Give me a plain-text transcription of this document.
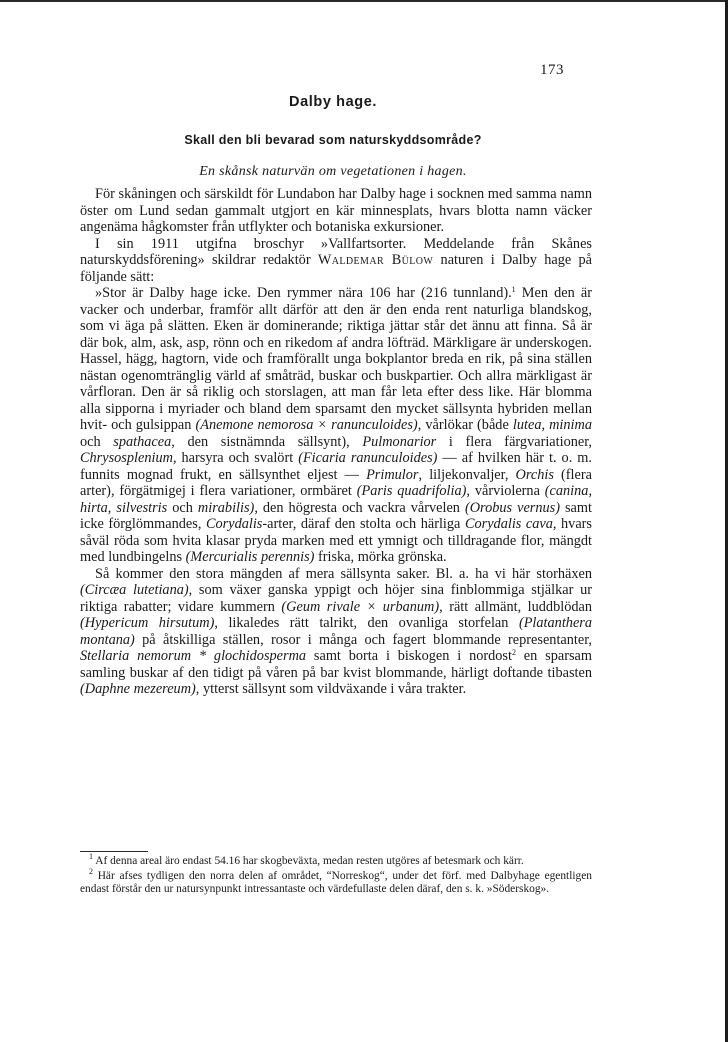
173
Dalby hage.
Skall den bli bevarad som naturskyddsområde?
En skånsk naturvän om vegetationen i hagen.

För skåningen och särskildt för Lundabon har Dalby hage i socknen med samma namn öster om Lund sedan gammalt utgjort en kär minnesplats, hvars blotta namn väcker angenäma hågkomster från utflykter och botaniska exkursioner.

I sin 1911 utgifna broschyr »Vallfartsorter. Meddelande från Skånes naturskyddsförening» skildrar redaktör Waldemar Bülow naturen i Dalby hage på följande sätt:

»Stor är Dalby hage icke. Den rymmer nära 106 har (216 tunnland).$^1$ Men den är vacker och underbar, framför allt därför att den är den enda rent naturliga blandskog, som vi äga på slätten. Eken är dominerande; riktiga jättar står det ännu att finna. Så är där bok, alm, ask, asp, rönn och en rikedom af andra löfträd. Märkligare är underskogen. Hassel, hägg, hagtorn, vide och framförallt unga bokplantor breda en rik, på sina ställen nästan ogenomtränglig värld af småträd, buskar och buskpartier. Och allra märkligast är vårfloran. Den är så riklig och storslagen, att man får leta efter dess like. Här blomma alla sipporna i myriader och bland dem sparsamt den mycket sällsynta hybriden mellan hvit- och gulsippan (Anemone nemorosa × ranunculoides), vårlökar (både lutea, minima och spathacea, den sistnämnda sällsynt), Pulmonarior i flera färgvariationer, Chrysosplenium, harsyra och svalört (Ficaria ranunculoides) — af hvilken här t. o. m. funnits mognad frukt, en sällsynthet eljest — Primulor, liljekonvaljer, Orchis (flera arter), förgätmigej i flera variationer, ormbäret (Paris quadrifolia), vårviolerna (canina, hirta, silvestris och mirabilis), den högresta och vackra vårvelen (Orobus vernus) samt icke förglömmandes, Corydalis-arter, däraf den stolta och härliga Corydalis cava, hvars såväl röda som hvita klasar pryda marken med ett ymnigt och tilldragande flor, mängdt med lundbingelns (Mercurialis perennis) friska, mörka grönska.

Så kommer den stora mängden af mera sällsynta saker. Bl. a. ha vi här storhäxen (Circæa lutetiana), som växer ganska yppigt och höjer sina finblommiga stjälkar ur riktiga rabatter; vidare kummern (Geum rivale × urbanum), rätt allmänt, luddblödan (Hypericum hirsutum), likaledes rätt talrikt, den ovanliga storfelan (Platanthera montana) på åtskilliga ställen, rosor i många och fagert blommande representanter, Stellaria nemorum * glochidosperma samt borta i biskogen i nordost$^2$ en sparsam samling buskar af den tidigt på våren på bar kvist blommande, härligt doftande tibasten (Daphne mezereum), ytterst sällsynt som vildväxande i våra trakter.

$^1$ Af denna areal äro endast 54.16 har skogbeväxta, medan resten utgöres af betesmark och kärr.

$^2$ Här afses tydligen den norra delen af området, “Norreskog“, under det förf. med Dalbyhage egentligen endast förstår den ur natursynpunkt intressantaste och värdefullaste delen däraf, den s. k. »Söderskog».
